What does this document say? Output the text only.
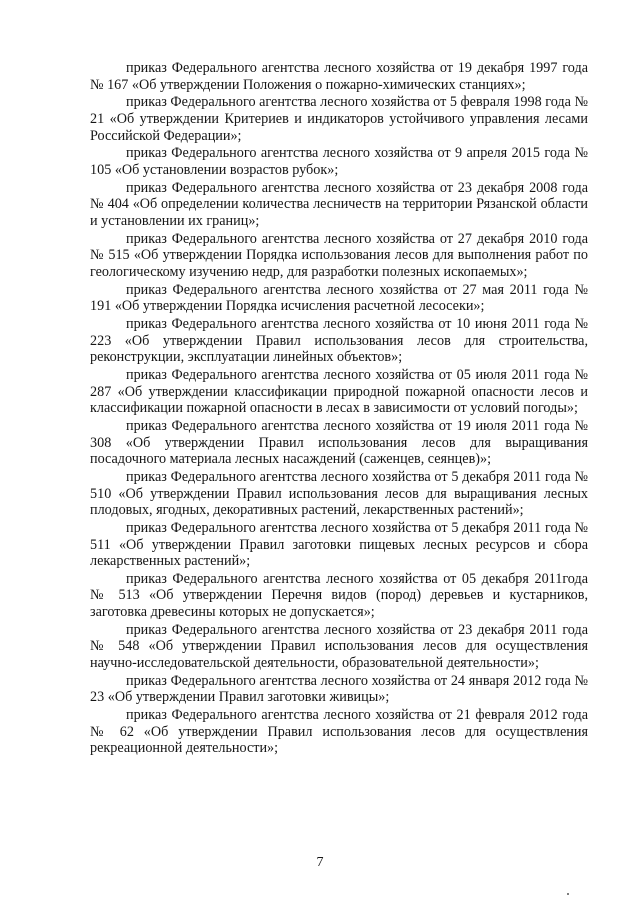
приказ Федерального агентства лесного хозяйства от 19 декабря 1997 года № 167 «Об утверждении Положения о пожарно-химических станциях»;

приказ Федерального агентства лесного хозяйства от 5 февраля 1998 года № 21 «Об утверждении Критериев и индикаторов устойчивого управления лесами Российской Федерации»;

приказ Федерального агентства лесного хозяйства от 9 апреля 2015 года № 105 «Об установлении возрастов рубок»;

приказ Федерального агентства лесного хозяйства от 23 декабря 2008 года № 404 «Об определении количества лесничеств на территории Рязанской области и установлении их границ»;

приказ Федерального агентства лесного хозяйства от 27 декабря 2010 года № 515 «Об утверждении Порядка использования лесов для выполнения работ по геологическому изучению недр, для разработки полезных ископаемых»;

приказ Федерального агентства лесного хозяйства от 27 мая 2011 года № 191 «Об утверждении Порядка исчисления расчетной лесосеки»;

приказ Федерального агентства лесного хозяйства от 10 июня 2011 года № 223 «Об утверждении Правил использования лесов для строительства, реконструкции, эксплуатации линейных объектов»;

приказ Федерального агентства лесного хозяйства от 05 июля 2011 года № 287 «Об утверждении классификации природной пожарной опасности лесов и классификации пожарной опасности в лесах в зависимости от условий погоды»;

приказ Федерального агентства лесного хозяйства от 19 июля 2011 года № 308 «Об утверждении Правил использования лесов для выращивания посадочного материала лесных насаждений (саженцев, сеянцев)»;

приказ Федерального агентства лесного хозяйства от 5 декабря 2011 года № 510 «Об утверждении Правил использования лесов для выращивания лесных плодовых, ягодных, декоративных растений, лекарственных растений»;

приказ Федерального агентства лесного хозяйства от 5 декабря 2011 года № 511 «Об утверждении Правил заготовки пищевых лесных ресурсов и сбора лекарственных растений»;

приказ Федерального агентства лесного хозяйства от 05 декабря 2011года № 513 «Об утверждении Перечня видов (пород) деревьев и кустарников, заготовка древесины которых не допускается»;

приказ Федерального агентства лесного хозяйства от 23 декабря 2011 года № 548 «Об утверждении Правил использования лесов для осуществления научно-исследовательской деятельности, образовательной деятельности»;

приказ Федерального агентства лесного хозяйства от 24 января 2012 года № 23 «Об утверждении Правил заготовки живицы»;

приказ Федерального агентства лесного хозяйства от 21 февраля 2012 года № 62 «Об утверждении Правил использования лесов для осуществления рекреационной деятельности»;

7
